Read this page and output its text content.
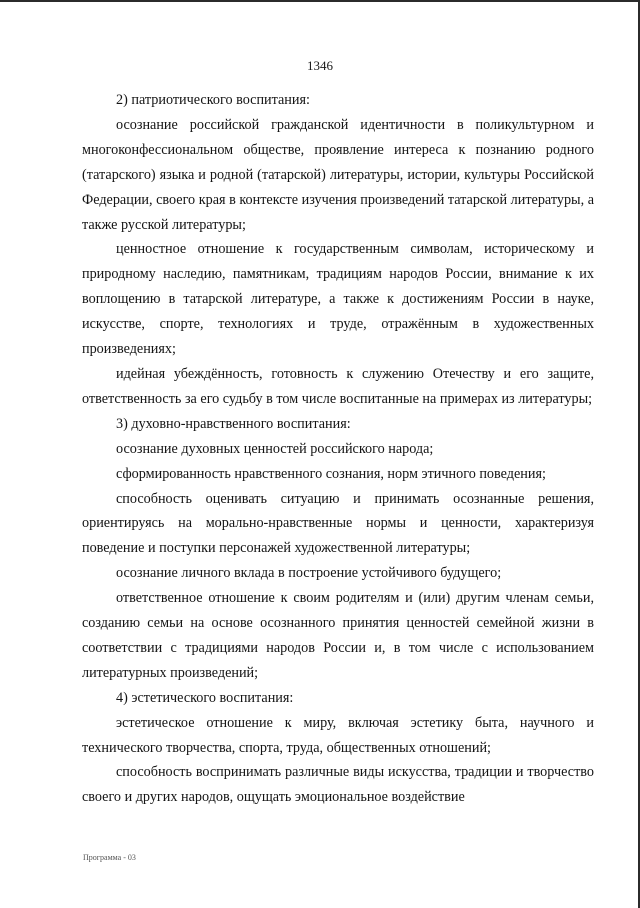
1346

2) патриотического воспитания:

осознание российской гражданской идентичности в поликультурном и многоконфессиональном обществе, проявление интереса к познанию родного (татарского) языка и родной (татарской) литературы, истории, культуры Российской Федерации, своего края в контексте изучения произведений татарской литературы, а также русской литературы;

ценностное отношение к государственным символам, историческому и природному наследию, памятникам, традициям народов России, внимание к их воплощению в татарской литературе, а также к достижениям России в науке, искусстве, спорте, технологиях и труде, отражённым в художественных произведениях;

идейная убеждённость, готовность к служению Отечеству и его защите, ответственность за его судьбу в том числе воспитанные на примерах из литературы;

3) духовно-нравственного воспитания:

осознание духовных ценностей российского народа;

сформированность нравственного сознания, норм этичного поведения;

способность оценивать ситуацию и принимать осознанные решения, ориентируясь на морально-нравственные нормы и ценности, характеризуя поведение и поступки персонажей художественной литературы;

осознание личного вклада в построение устойчивого будущего;

ответственное отношение к своим родителям и (или) другим членам семьи, созданию семьи на основе осознанного принятия ценностей семейной жизни в соответствии с традициями народов России и, в том числе с использованием литературных произведений;

4) эстетического воспитания:

эстетическое отношение к миру, включая эстетику быта, научного и технического творчества, спорта, труда, общественных отношений;

способность воспринимать различные виды искусства, традиции и творчество своего и других народов, ощущать эмоциональное воздействие

Программа - 03
